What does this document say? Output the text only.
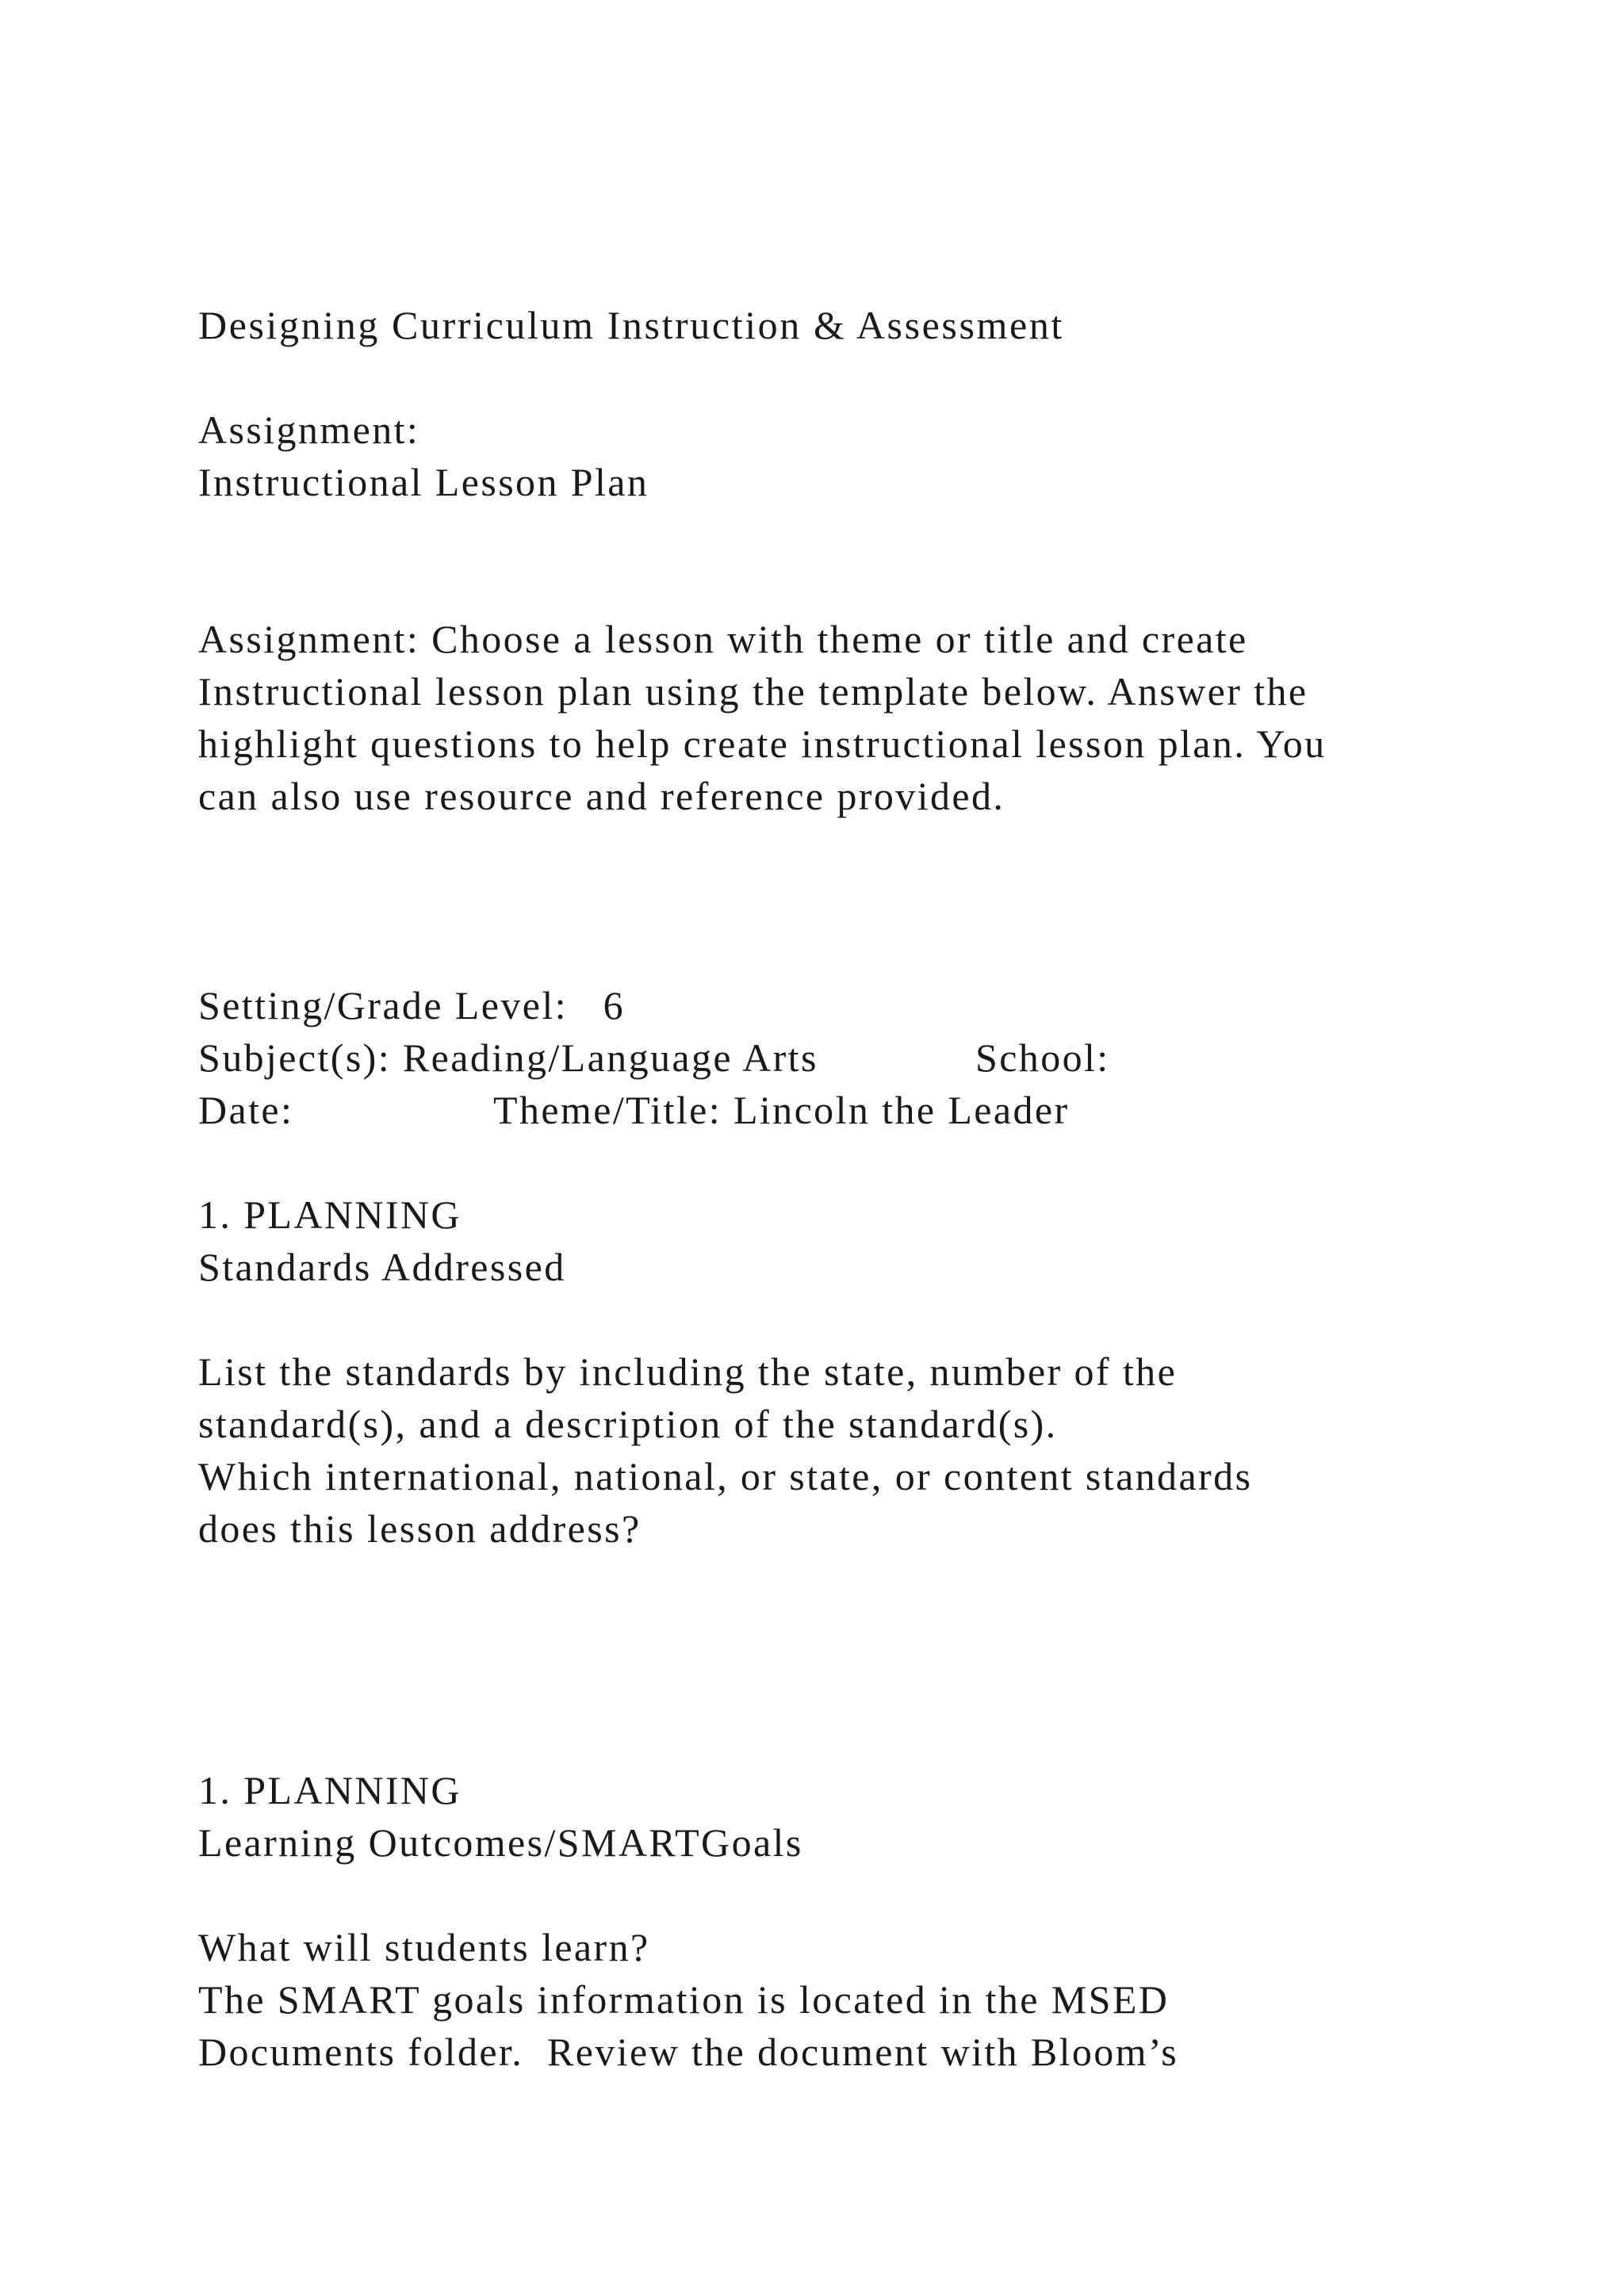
Designing Curriculum Instruction & Assessment
Assignment:
Instructional Lesson Plan
Assignment: Choose a lesson with theme or title and create
Instructional lesson plan using the template below. Answer the
highlight questions to help create instructional lesson plan. You
can also use resource and reference provided.
Setting/Grade Level:   6
Subject(s): Reading/Language Arts	School:
Date:	Theme/Title: Lincoln the Leader
1. PLANNING
Standards Addressed
List the standards by including the state, number of the
standard(s), and a description of the standard(s).
Which international, national, or state, or content standards
does this lesson address?
1. PLANNING
Learning Outcomes/SMARTGoals
What will students learn?
The SMART goals information is located in the MSED
Documents folder.  Review the document with Bloom’s
